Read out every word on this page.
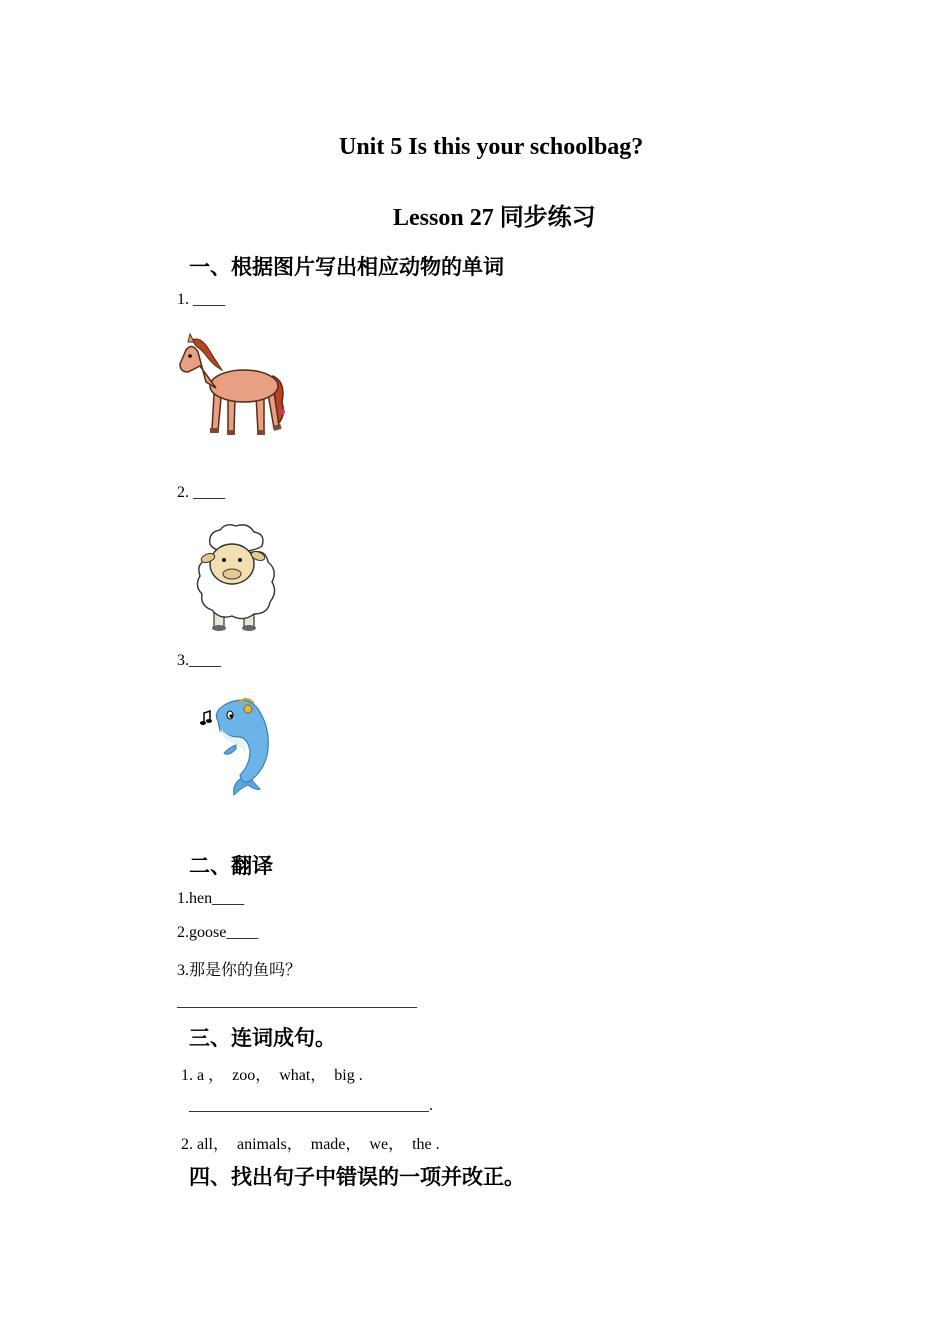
Unit 5 Is this your schoolbag?
Lesson 27 同步练习
一、根据图片写出相应动物的单词
1. ____
2. ____
3.____
二、翻译
1.hen____
2.goose____
3.那是你的鱼吗？
______________________________
三、连词成句。
1. a ，  zoo，  what，  big .
______________________________.
2. all，  animals，  made，  we，  the .
四、找出句子中错误的一项并改正。
